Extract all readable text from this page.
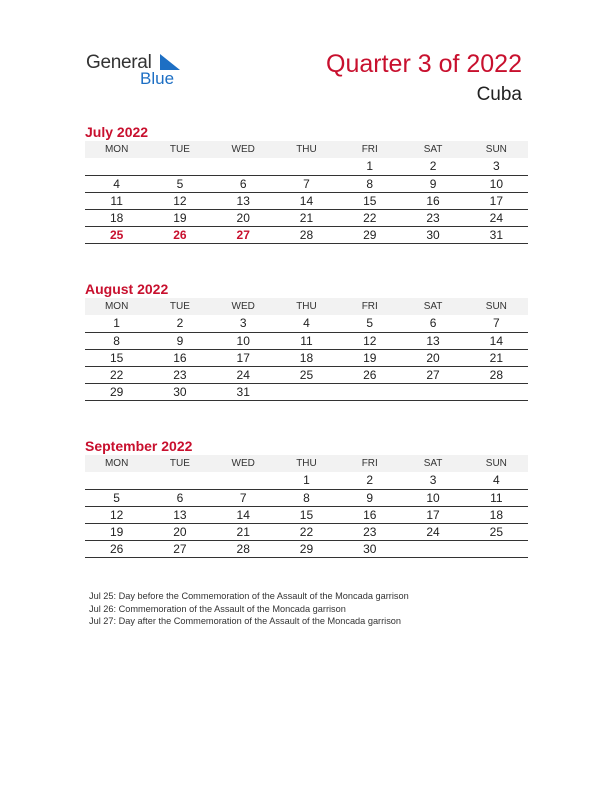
General
Blue
Quarter 3 of 2022
Cuba
July 2022
MON	TUE	WED	THU	FRI	SAT	SUN
				1	2	3
4	5	6	7	8	9	10
11	12	13	14	15	16	17
18	19	20	21	22	23	24
25	26	27	28	29	30	31
August 2022
MON	TUE	WED	THU	FRI	SAT	SUN
1	2	3	4	5	6	7
8	9	10	11	12	13	14
15	16	17	18	19	20	21
22	23	24	25	26	27	28
29	30	31				
September 2022
MON	TUE	WED	THU	FRI	SAT	SUN
			1	2	3	4
5	6	7	8	9	10	11
12	13	14	15	16	17	18
19	20	21	22	23	24	25
26	27	28	29	30		
Jul 25: Day before the Commemoration of the Assault of the Moncada garrison
Jul 26: Commemoration of the Assault of the Moncada garrison
Jul 27: Day after the Commemoration of the Assault of the Moncada garrison
